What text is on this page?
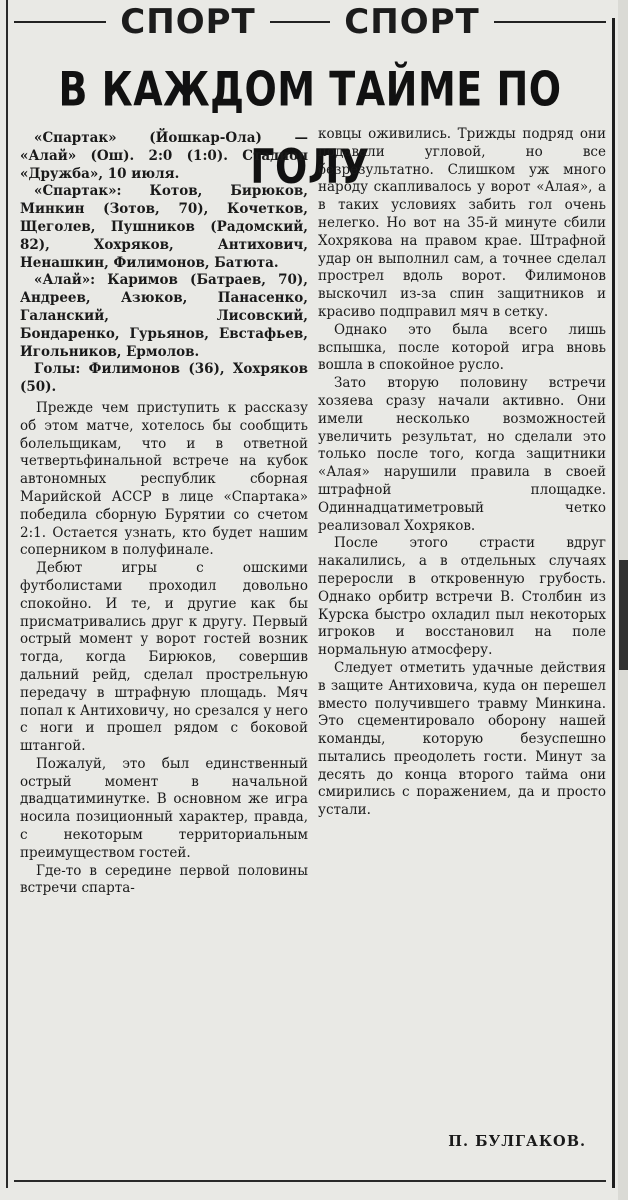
СПОРТ	СПОРТ
В КАЖДОМ ТАЙМЕ ПО ГОЛУ

«Спартак» (Йошкар-Ола) — «Алай» (Ош). 2:0 (1:0). Стадион «Дружба», 10 июля.

«Спартак»: Котов, Бирюков, Минкин (Зотов, 70), Кочетков, Щеголев, Пушников (Радомский, 82), Хохряков, Антихович, Ненашкин, Филимонов, Батюта.

«Алай»: Каримов (Батраев, 70), Андреев, Азюков, Панасенко, Галанский, Лисовский, Бондаренко, Гурьянов, Евстафьев, Игольников, Ермолов.

Голы: Филимонов (36), Хохряков (50).

Прежде чем приступить к рассказу об этом матче, хотелось бы сообщить болельщикам, что и в ответной четвертьфинальной встрече на кубок автономных республик сборная Марийской АССР в лице «Спартака» победила сборную Бурятии со счетом 2:1. Остается узнать, кто будет нашим соперником в полуфинале.

Дебют игры с ошскими футболистами проходил довольно спокойно. И те, и другие как бы присматривались друг к другу. Первый острый момент у ворот гостей возник тогда, когда Бирюков, совершив дальний рейд, сделал прострельную передачу в штрафную площадь. Мяч попал к Антиховичу, но срезался у него с ноги и прошел рядом с боковой штангой.

Пожалуй, это был единственный острый момент в начальной двадцатиминутке. В основном же игра носила позиционный характер, правда, с некоторым территориальным преимуществом гостей.

Где-то в середине первой половины встречи спарта-

ковцы оживились. Трижды подряд они подавали угловой, но все безрезультатно. Слишком уж много народу скапливалось у ворот «Алая», а в таких условиях забить гол очень нелегко. Но вот на 35-й минуте сбили Хохрякова на правом крае. Штрафной удар он выполнил сам, а точнее сделал прострел вдоль ворот. Филимонов выскочил из-за спин защитников и красиво подправил мяч в сетку.

Однако это была всего лишь вспышка, после которой игра вновь вошла в спокойное русло.

Зато вторую половину встречи хозяева сразу начали активно. Они имели несколько возможностей увеличить результат, но сделали это только после того, когда защитники «Алая» нарушили правила в своей штрафной площадке. Одиннадцатиметровый четко реализовал Хохряков.

После этого страсти вдруг накалились, а в отдельных случаях переросли в откровенную грубость. Однако орбитр встречи В. Столбин из Курска быстро охладил пыл некоторых игроков и восстановил на поле нормальную атмосферу.

Следует отметить удачные действия в защите Антиховича, куда он перешел вместо получившего травму Минкина. Это сцементировало оборону нашей команды, которую безуспешно пытались преодолеть гости. Минут за десять до конца второго тайма они смирились с поражением, да и просто устали.

П. БУЛГАКОВ.
